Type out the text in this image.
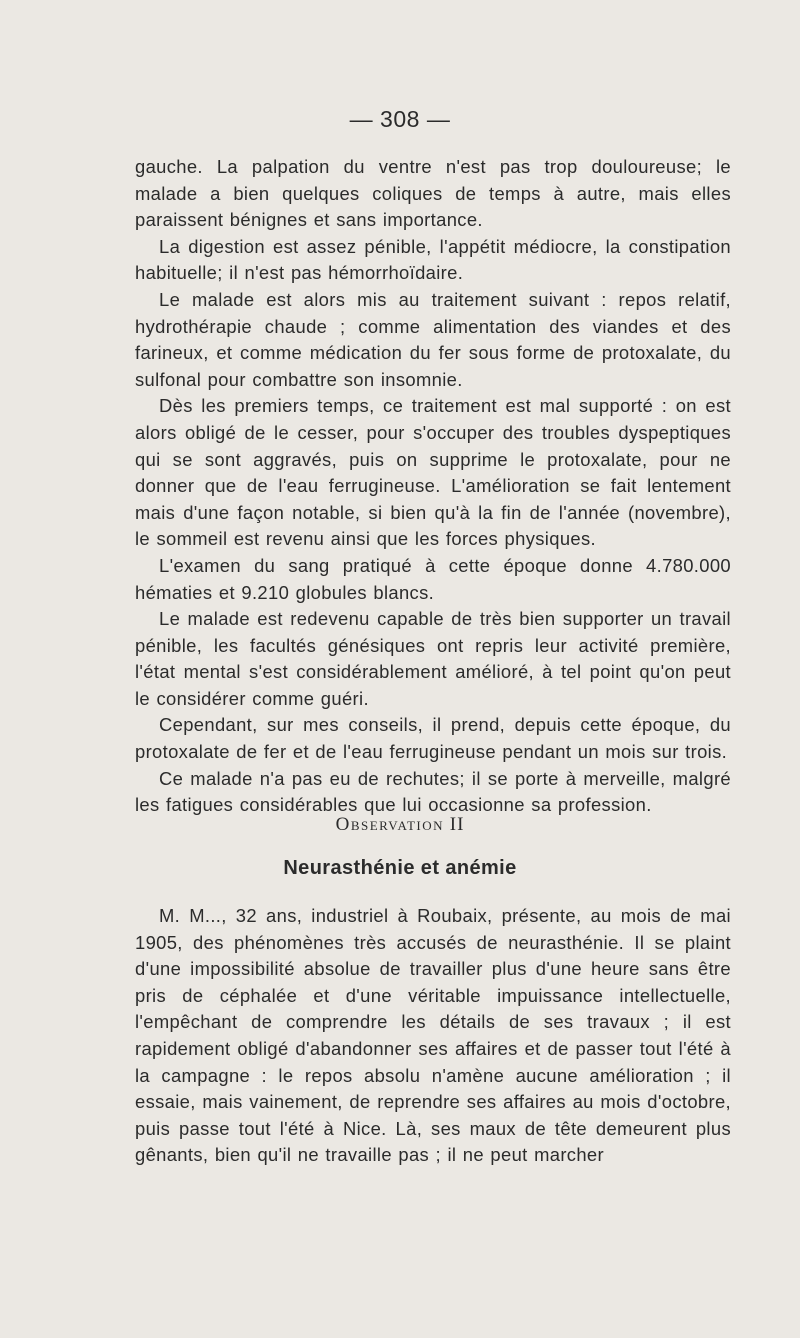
— 308 —

gauche. La palpation du ventre n'est pas trop douloureuse; le malade a bien quelques coliques de temps à autre, mais elles paraissent bénignes et sans importance.

La digestion est assez pénible, l'appétit médiocre, la constipation habituelle; il n'est pas hémorrhoïdaire.

Le malade est alors mis au traitement suivant : repos relatif, hydrothérapie chaude ; comme alimentation des viandes et des farineux, et comme médication du fer sous forme de protoxalate, du sulfonal pour combattre son insomnie.

Dès les premiers temps, ce traitement est mal supporté : on est alors obligé de le cesser, pour s'occuper des troubles dyspeptiques qui se sont aggravés, puis on supprime le protoxalate, pour ne donner que de l'eau ferrugineuse. L'amélioration se fait lentement mais d'une façon notable, si bien qu'à la fin de l'année (novembre), le sommeil est revenu ainsi que les forces physiques.

L'examen du sang pratiqué à cette époque donne 4.780.000 hématies et 9.210 globules blancs.

Le malade est redevenu capable de très bien supporter un travail pénible, les facultés génésiques ont repris leur activité première, l'état mental s'est considérablement amélioré, à tel point qu'on peut le considérer comme guéri.

Cependant, sur mes conseils, il prend, depuis cette époque, du protoxalate de fer et de l'eau ferrugineuse pendant un mois sur trois.

Ce malade n'a pas eu de rechutes; il se porte à merveille, malgré les fatigues considérables que lui occasionne sa profession.

Observation II
Neurasthénie et anémie

M. M..., 32 ans, industriel à Roubaix, présente, au mois de mai 1905, des phénomènes très accusés de neurasthénie. Il se plaint d'une impossibilité absolue de travailler plus d'une heure sans être pris de céphalée et d'une véritable impuissance intellectuelle, l'empêchant de comprendre les détails de ses travaux ; il est rapidement obligé d'abandonner ses affaires et de passer tout l'été à la campagne : le repos absolu n'amène aucune amélioration ; il essaie, mais vainement, de reprendre ses affaires au mois d'octobre, puis passe tout l'été à Nice. Là, ses maux de tête demeurent plus gênants, bien qu'il ne travaille pas ; il ne peut marcher
